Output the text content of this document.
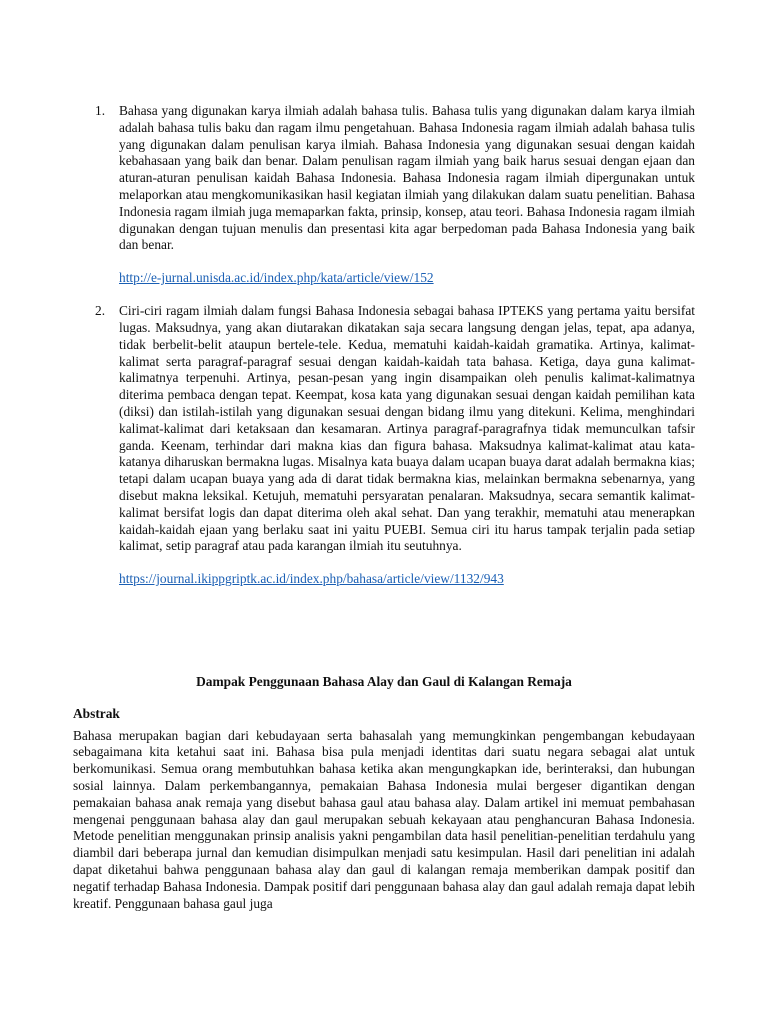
1. Bahasa yang digunakan karya ilmiah adalah bahasa tulis. Bahasa tulis yang digunakan dalam karya ilmiah adalah bahasa tulis baku dan ragam ilmu pengetahuan. Bahasa Indonesia ragam ilmiah adalah bahasa tulis yang digunakan dalam penulisan karya ilmiah. Bahasa Indonesia yang digunakan sesuai dengan kaidah kebahasaan yang baik dan benar. Dalam penulisan ragam ilmiah yang baik harus sesuai dengan ejaan dan aturan-aturan penulisan kaidah Bahasa Indonesia. Bahasa Indonesia ragam ilmiah dipergunakan untuk melaporkan atau mengkomunikasikan hasil kegiatan ilmiah yang dilakukan dalam suatu penelitian. Bahasa Indonesia ragam ilmiah juga memaparkan fakta, prinsip, konsep, atau teori. Bahasa Indonesia ragam ilmiah digunakan dengan tujuan menulis dan presentasi kita agar berpedoman pada Bahasa Indonesia yang baik dan benar.

http://e-jurnal.unisda.ac.id/index.php/kata/article/view/152
2. Ciri-ciri ragam ilmiah dalam fungsi Bahasa Indonesia sebagai bahasa IPTEKS yang pertama yaitu bersifat lugas. Maksudnya, yang akan diutarakan dikatakan saja secara langsung dengan jelas, tepat, apa adanya, tidak berbelit-belit ataupun bertele-tele. Kedua, mematuhi kaidah-kaidah gramatika. Artinya, kalimat-kalimat serta paragraf-paragraf sesuai dengan kaidah-kaidah tata bahasa. Ketiga, daya guna kalimat-kalimatnya terpenuhi. Artinya, pesan-pesan yang ingin disampaikan oleh penulis kalimat-kalimatnya diterima pembaca dengan tepat. Keempat, kosa kata yang digunakan sesuai dengan kaidah pemilihan kata (diksi) dan istilah-istilah yang digunakan sesuai dengan bidang ilmu yang ditekuni. Kelima, menghindari kalimat-kalimat dari ketaksaan dan kesamaran. Artinya paragraf-paragrafnya tidak memunculkan tafsir ganda. Keenam, terhindar dari makna kias dan figura bahasa. Maksudnya kalimat-kalimat atau kata-katanya diharuskan bermakna lugas. Misalnya kata buaya dalam ucapan buaya darat adalah bermakna kias; tetapi dalam ucapan buaya yang ada di darat tidak bermakna kias, melainkan bermakna sebenarnya, yang disebut makna leksikal. Ketujuh, mematuhi persyaratan penalaran. Maksudnya, secara semantik kalimat-kalimat bersifat logis dan dapat diterima oleh akal sehat. Dan yang terakhir, mematuhi atau menerapkan kaidah-kaidah ejaan yang berlaku saat ini yaitu PUEBI. Semua ciri itu harus tampak terjalin pada setiap kalimat, setip paragraf atau pada karangan ilmiah itu seutuhnya.

https://journal.ikippgriptk.ac.id/index.php/bahasa/article/view/1132/943

Dampak Penggunaan Bahasa Alay dan Gaul di Kalangan Remaja

Abstrak

Bahasa merupakan bagian dari kebudayaan serta bahasalah yang memungkinkan pengembangan kebudayaan sebagaimana kita ketahui saat ini. Bahasa bisa pula menjadi identitas dari suatu negara sebagai alat untuk berkomunikasi. Semua orang membutuhkan bahasa ketika akan mengungkapkan ide, berinteraksi, dan hubungan sosial lainnya. Dalam perkembangannya, pemakaian Bahasa Indonesia mulai bergeser digantikan dengan pemakaian bahasa anak remaja yang disebut bahasa gaul atau bahasa alay. Dalam artikel ini memuat pembahasan mengenai penggunaan bahasa alay dan gaul merupakan sebuah kekayaan atau penghancuran Bahasa Indonesia. Metode penelitian menggunakan prinsip analisis yakni pengambilan data hasil penelitian-penelitian terdahulu yang diambil dari beberapa jurnal dan kemudian disimpulkan menjadi satu kesimpulan. Hasil dari penelitian ini adalah dapat diketahui bahwa penggunaan bahasa alay dan gaul di kalangan remaja memberikan dampak positif dan negatif terhadap Bahasa Indonesia. Dampak positif dari penggunaan bahasa alay dan gaul adalah remaja dapat lebih kreatif. Penggunaan bahasa gaul juga
